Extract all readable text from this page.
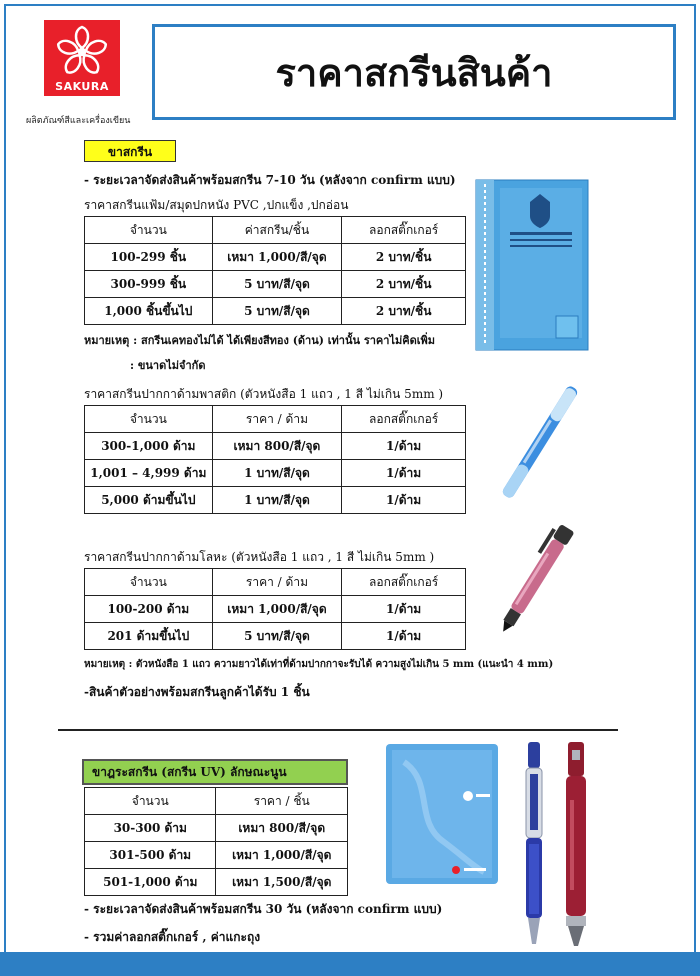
SAKURA
ผลิตภัณฑ์สีและเครื่องเขียน
ราคาสกรีนสินค้า
ขาสกรีน
- ระยะเวลาจัดส่งสินค้าพร้อมสกรีน 7-10 วัน (หลังจาก confirm แบบ)
ราคาสกรีนแฟ้ม/สมุดปกหนัง PVC ,ปกแข็ง ,ปกอ่อน
จำนวน	ค่าสกรีน/ชิ้น	ลอกสติ๊กเกอร์
100-299 ชิ้น	เหมา 1,000/สี/จุด	2 บาท/ชิ้น
300-999 ชิ้น	5 บาท/สี/จุด	2 บาท/ชิ้น
1,000 ชิ้นขึ้นไป	5 บาท/สี/จุด	2 บาท/ชิ้น
หมายเหตุ : สกรีนเคทองไม่ได้ ได้เพียงสีทอง (ด้าน) เท่านั้น ราคาไม่คิดเพิ่ม
: ขนาดไม่จำกัด
ราคาสกรีนปากกาด้ามพาสติก (ตัวหนังสือ 1 แถว , 1 สี ไม่เกิน 5mm )
จำนวน	ราคา / ด้าม	ลอกสติ๊กเกอร์
300-1,000 ด้าม	เหมา 800/สี/จุด	1/ด้าม
1,001 – 4,999 ด้าม	1 บาท/สี/จุด	1/ด้าม
5,000 ด้ามขึ้นไป	1 บาท/สี/จุด	1/ด้าม
ราคาสกรีนปากกาด้ามโลหะ (ตัวหนังสือ 1 แถว , 1 สี ไม่เกิน 5mm )
จำนวน	ราคา / ด้าม	ลอกสติ๊กเกอร์
100-200 ด้าม	เหมา 1,000/สี/จุด	1/ด้าม
201 ด้ามขึ้นไป	5 บาท/สี/จุด	1/ด้าม
หมายเหตุ : ตัวหนังสือ 1 แถว ความยาวได้เท่าที่ด้ามปากกาจะรับได้ ความสูงไม่เกิน 5 mm (แนะนำ 4 mm)
-สินค้าตัวอย่างพร้อมสกรีนลูกค้าได้รับ 1 ชิ้น
ขาฎระสกรีน (สกรีน UV) ลักษณะนูน
จำนวน	ราคา / ชิ้น
30-300 ด้าม	เหมา 800/สี/จุด
301-500 ด้าม	เหมา 1,000/สี/จุด
501-1,000 ด้าม	เหมา 1,500/สี/จุด
- ระยะเวลาจัดส่งสินค้าพร้อมสกรีน 30 วัน (หลังจาก confirm แบบ)
- รวมค่าลอกสติ๊กเกอร์ , ค่าแกะถุง
